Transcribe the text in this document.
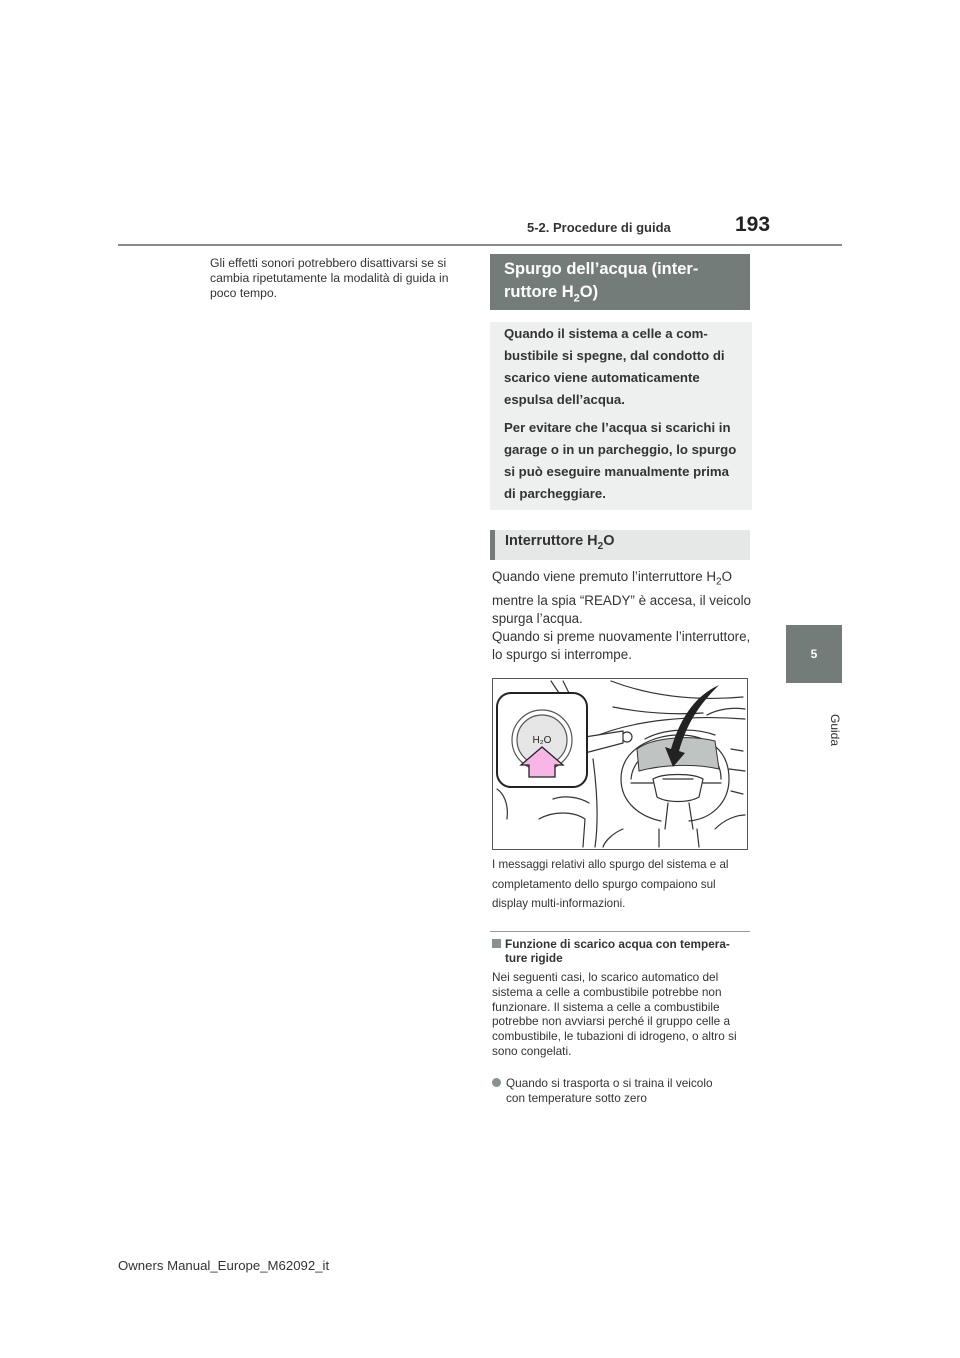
5-2. Procedure di guida	193
Gli effetti sonori potrebbero disattivarsi se si cambia ripetutamente la modalità di guida in poco tempo.
Spurgo dell’acqua (inter-
ruttore $H_2O$)

Quando il sistema a celle a combustibile si spegne, dal condotto di scarico viene automaticamente espulsa dell’acqua.

Per evitare che l’acqua si scarichi in garage o in un parcheggio, lo spurgo si può eseguire manualmente prima di parcheggiare.

Interruttore $H_2O$

Quando viene premuto l’interruttore $H_2O$ mentre la spia “READY” è accesa, il veicolo spurga l’acqua.

Quando si preme nuovamente l’interruttore, lo spurgo si interrompe.

H₂O
I messaggi relativi allo spurgo del sistema e al completamento dello spurgo compaiono sul display multi-informazioni.
Funzione di scarico acqua con tempera-
ture rigide
Nei seguenti casi, lo scarico automatico del sistema a celle a combustibile potrebbe non funzionare. Il sistema a celle a combustibile potrebbe non avviarsi perché il gruppo celle a combustibile, le tubazioni di idrogeno, o altro si sono congelati.
Quando si trasporta o si traina il veicolo
con temperature sotto zero
5
Guida
Owners Manual_Europe_M62092_it
